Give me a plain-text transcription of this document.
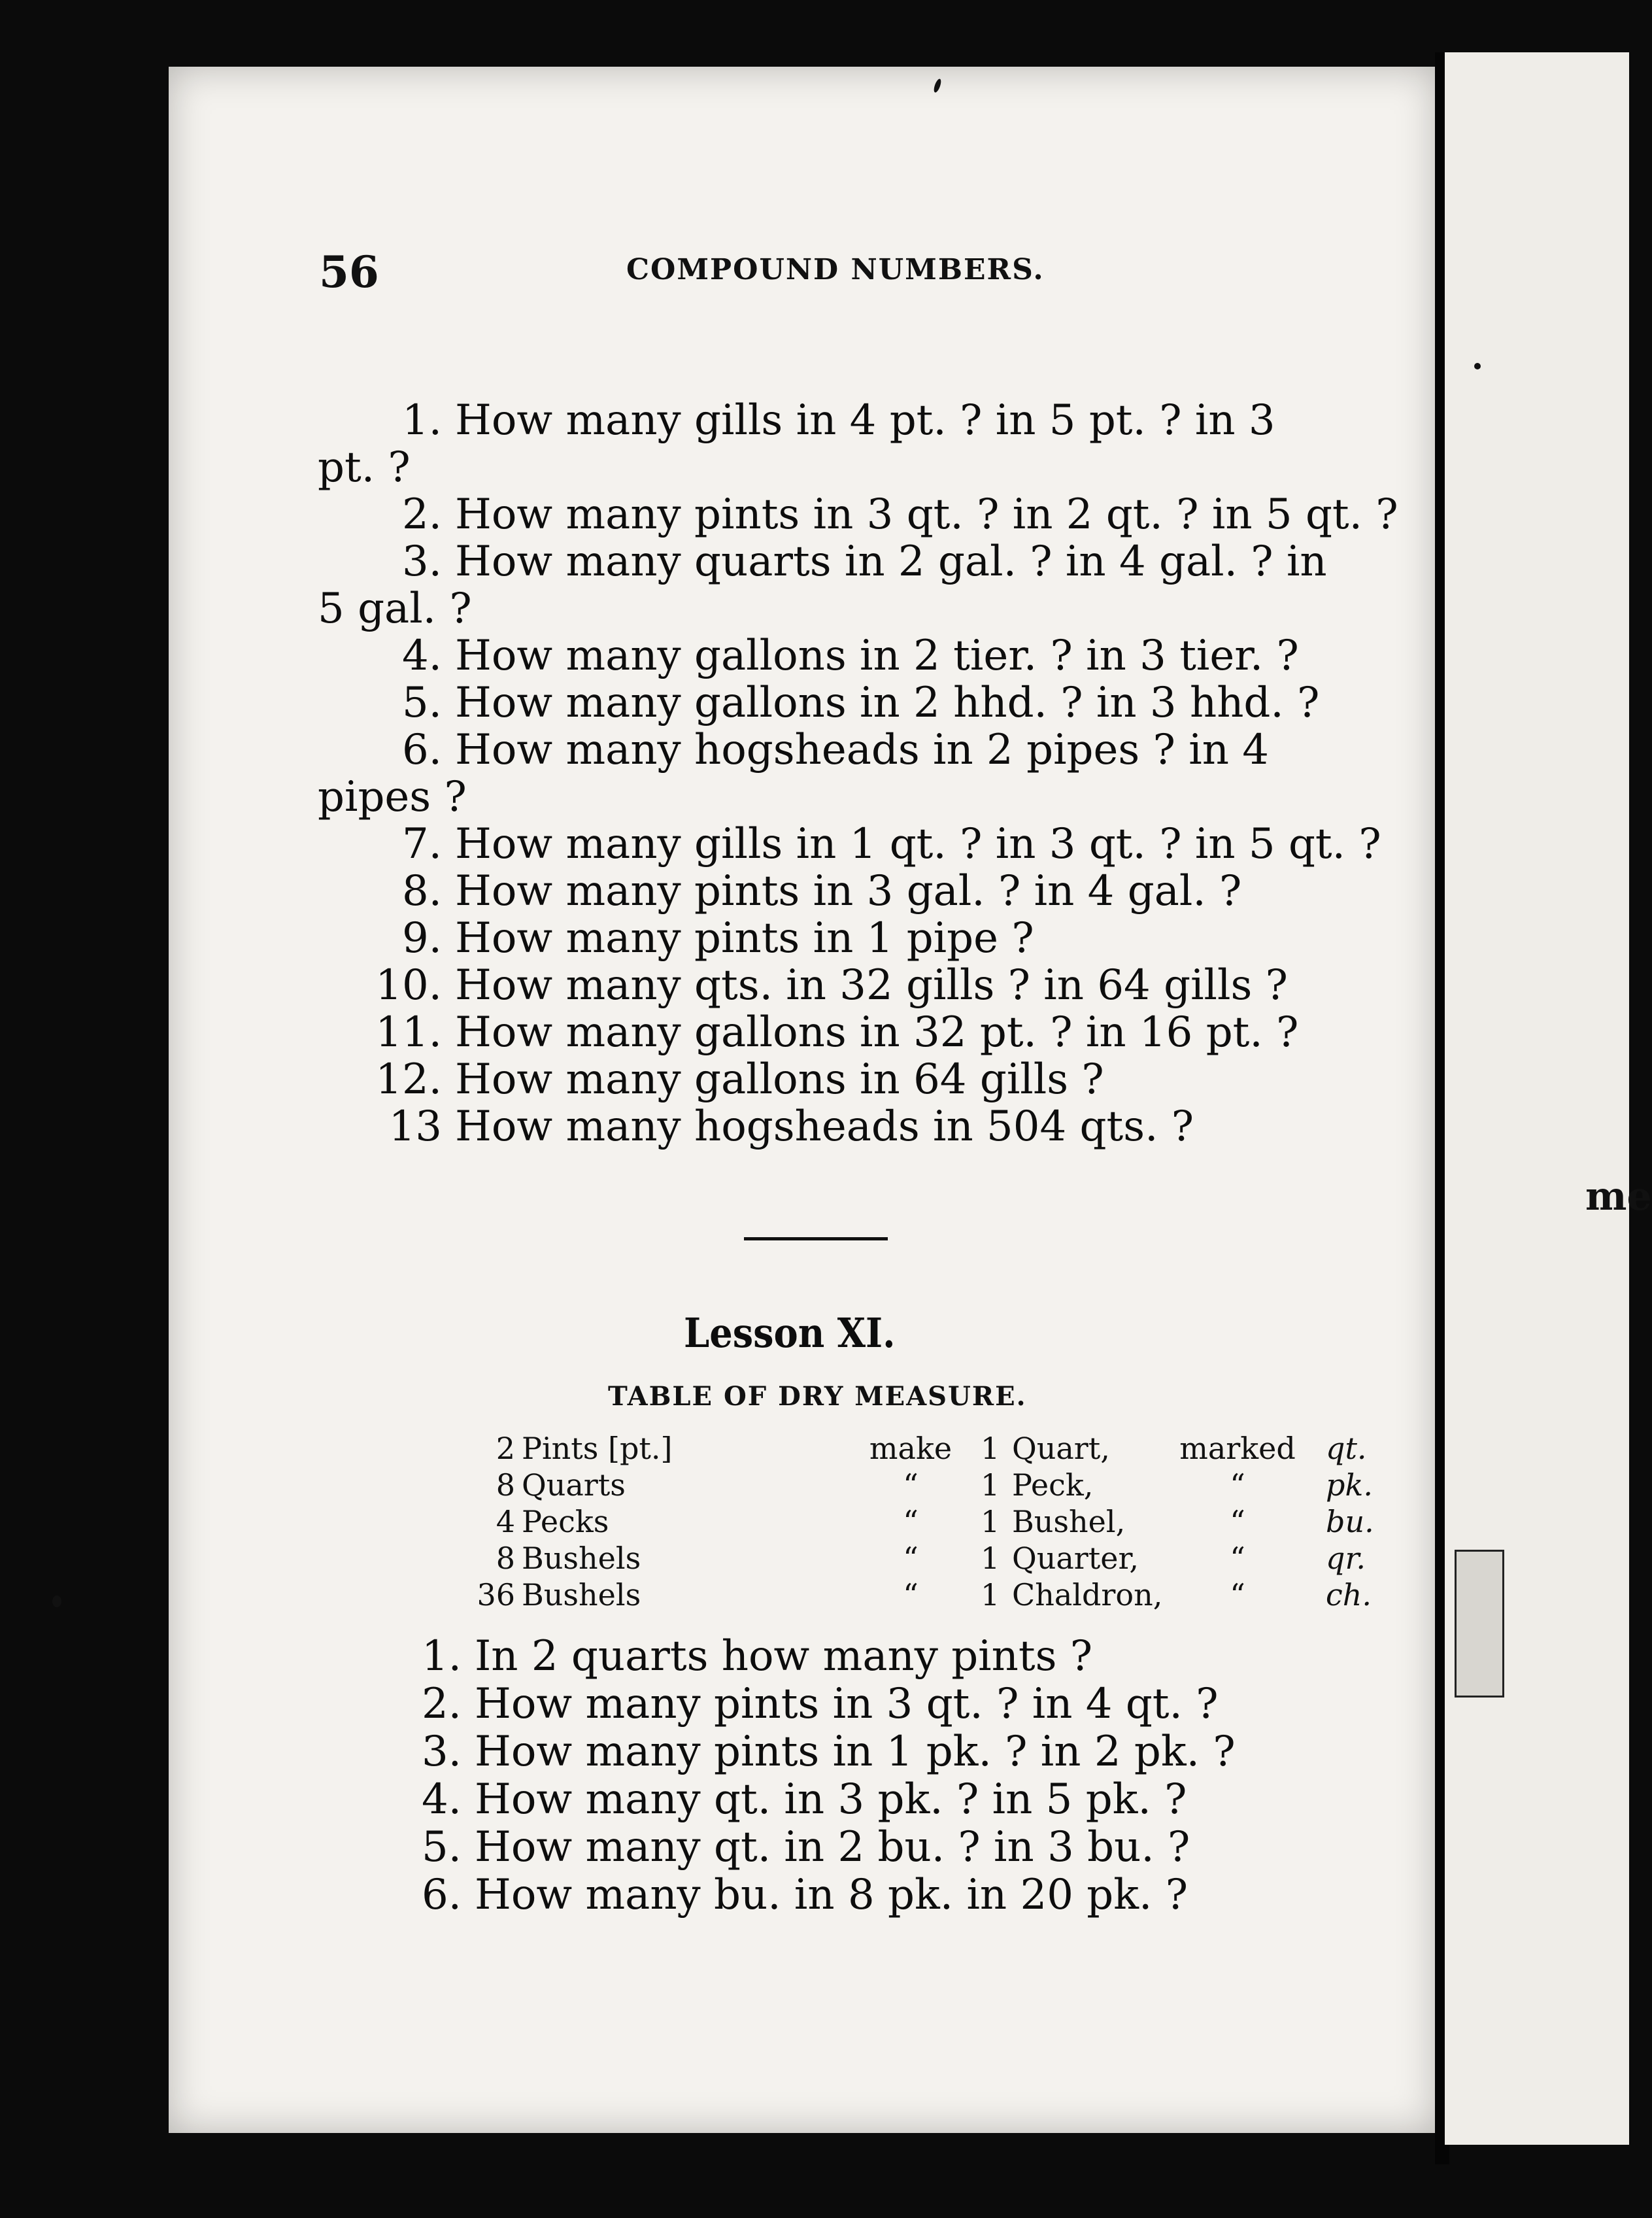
56	COMPOUND NUMBERS.
1. How many gills in 4 pt. ? in 5 pt. ? in 3
pt. ?
2. How many pints in 3 qt. ? in 2 qt. ? in 5 qt. ?
3. How many quarts in 2 gal. ? in 4 gal. ? in
5 gal. ?
4. How many gallons in 2 tier. ? in 3 tier. ?
5. How many gallons in 2 hhd. ? in 3 hhd. ?
6. How many hogsheads in 2 pipes ? in 4
pipes ?
7. How many gills in 1 qt. ? in 3 qt. ? in 5 qt. ?
8. How many pints in 3 gal. ? in 4 gal. ?
9. How many pints in 1 pipe ?
10. How many qts. in 32 gills ? in 64 gills ?
11. How many gallons in 32 pt. ? in 16 pt. ?
12. How many gallons in 64 gills ?
13 How many hogsheads in 504 qts. ?
Lesson XI.
TABLE OF DRY MEASURE.
2 Pints [pt.]	make 1 Quart,	marked	qt.
8 Quarts	“	1 Peck,	“	pk.
4 Pecks	“	1 Bushel,	“	bu.
8 Bushels	“	1 Quarter,	“	qr.
36 Bushels	“	1 Chaldron,	“	ch.
1. In 2 quarts how many pints ?
2. How many pints in 3 qt. ? in 4 qt. ?
3. How many pints in 1 pk. ? in 2 pk. ?
4. How many qt. in 3 pk. ? in 5 pk. ?
5. How many qt. in 2 bu. ? in 3 bu. ?
6. How many bu. in 8 pk. in 20 pk. ?
me
